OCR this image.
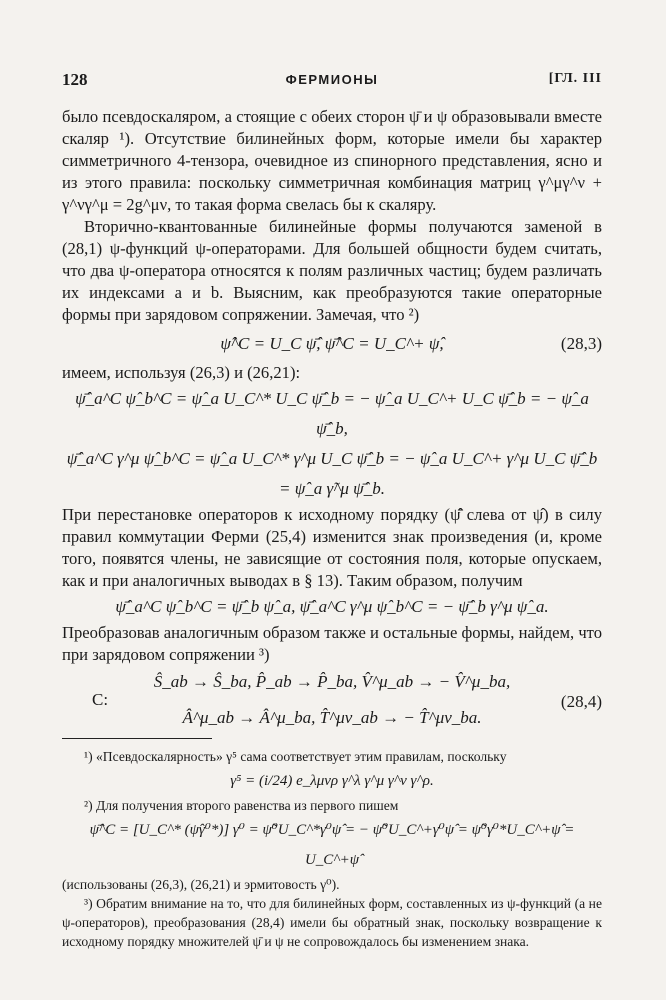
128	ФЕРМИОНЫ	[ГЛ. III

было псевдоскаляром, а стоящие с обеих сторон ψ̄ и ψ образовывали вместе скаляр ¹). Отсутствие билинейных форм, которые имели бы характер симметричного 4-тензора, очевидное из спинорного представления, ясно и из этого правила: поскольку симметричная комбинация матриц γ^μγ^ν + γ^νγ^μ = 2g^μν, то такая форма свелась бы к скаляру.

Вторично-квантованные билинейные формы получаются заменой в (28,1) ψ-функций ψ-операторами. Для большей общности будем считать, что два ψ-оператора относятся к полям различных частиц; будем различать их индексами a и b. Выясним, как преобразуются такие операторные формы при зарядовом сопряжении. Замечая, что ²)

ψ̂^C = U_C ψ̄̂, ψ̄̂^C = U_C^+ ψ̂,	(28,3)

имеем, используя (26,3) и (26,21):

ψ̄̂_a^C ψ̂_b^C = ψ̂_a U_C^* U_C ψ̄̂_b = − ψ̂_a U_C^+ U_C ψ̄̂_b = − ψ̂_a ψ̄̂_b,
ψ̄̂_a^C γ^μ ψ̂_b^C = ψ̂_a U_C^* γ^μ U_C ψ̄̂_b = − ψ̂_a U_C^+ γ^μ U_C ψ̄̂_b = ψ̂_a γ̃^μ ψ̄̂_b.

При перестановке операторов к исходному порядку (ψ̄̂ слева от ψ̂) в силу правил коммутации Ферми (25,4) изменится знак произведения (и, кроме того, появятся члены, не зависящие от состояния поля, которые опускаем, как и при аналогичных выводах в § 13). Таким образом, получим

ψ̄̂_a^C ψ̂_b^C = ψ̄̂_b ψ̂_a, ψ̄̂_a^C γ^μ ψ̂_b^C = − ψ̄̂_b γ^μ ψ̂_a.

Преобразовав аналогичным образом также и остальные формы, найдем, что при зарядовом сопряжении ³)

C:
Ŝ_ab → Ŝ_ba, P̂_ab → P̂_ba, V̂^μ_ab → − V̂^μ_ba,
Â^μ_ab → Â^μ_ba, T̂^μν_ab → − T̂^μν_ba.
(28,4)

¹) «Псевдоскалярность» γ⁵ сама соответствует этим правилам, поскольку

γ⁵ = (i/24) e_λμνρ γ^λ γ^μ γ^ν γ^ρ.

²) Для получения второго равенства из первого пишем

ψ̄̂^C = [U_C^* (ψ̂γ⁰*)] γ⁰ = ψ̃⁰U_C^*γ⁰ψ̂ = − ψ̃⁰U_C^+γ⁰ψ̂ = ψ̃⁰γ⁰*U_C^+ψ̂ = U_C^+ψ̂

(использованы (26,3), (26,21) и эрмитовость γ⁰).

³) Обратим внимание на то, что для билинейных форм, составленных из ψ-функций (а не ψ-операторов), преобразования (28,4) имели бы обратный знак, поскольку возвращение к исходному порядку множителей ψ̄ и ψ не сопровождалось бы изменением знака.
